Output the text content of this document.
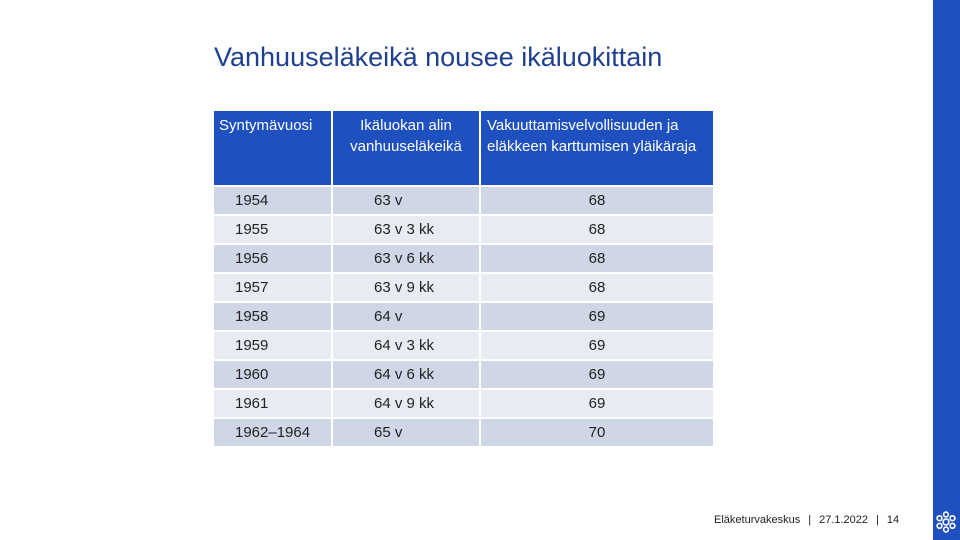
Vanhuuseläkeikä nousee ikäluokittain
Syntymävuosi	Ikäluokan alin vanhuuseläkeikä	Vakuuttamisvelvollisuuden ja eläkkeen karttumisen yläikäraja

1954	63 v	68
1955	63 v 3 kk	68
1956	63 v 6 kk	68
1957	63 v 9 kk	68
1958	64 v	69
1959	64 v 3 kk	69
1960	64 v 6 kk	69
1961	64 v 9 kk	69
1962–1964	65 v	70
Eläketurvakeskus | 27.1.2022 | 14
